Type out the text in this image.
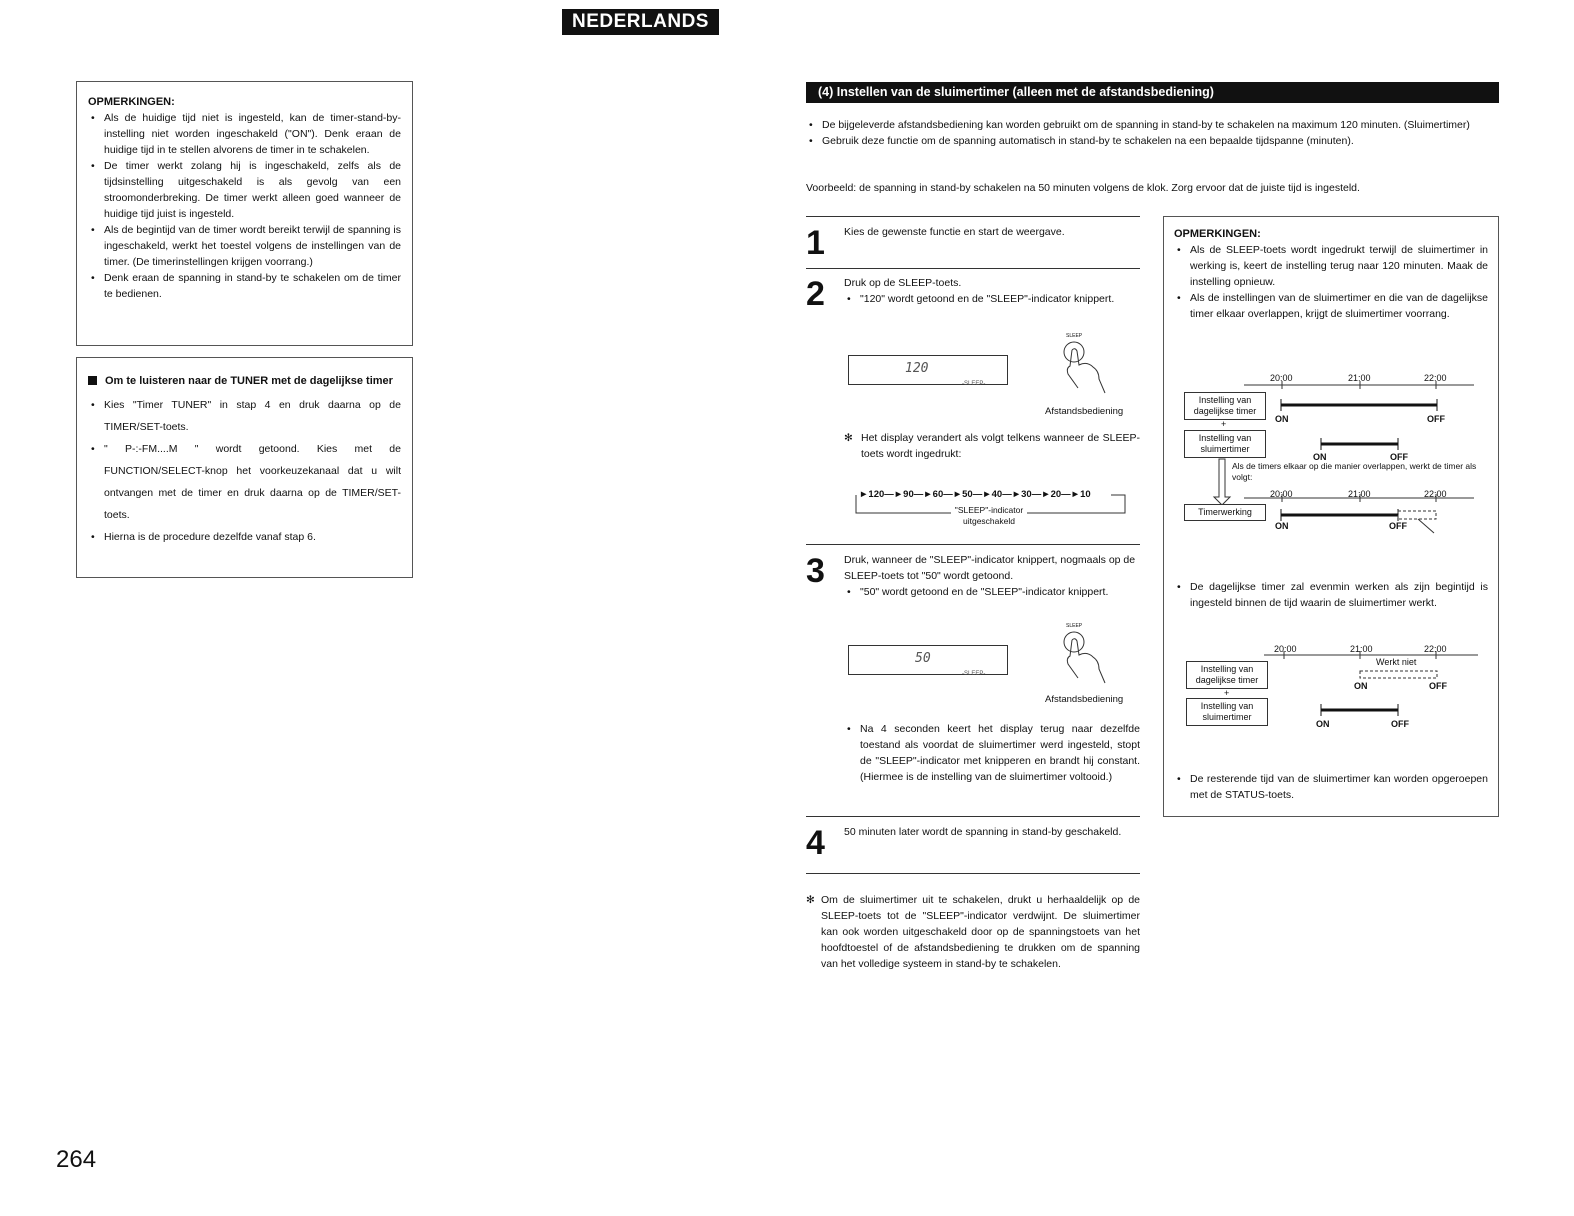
NEDERLANDS
OPMERKINGEN:
• Als de huidige tijd niet is ingesteld, kan de timer-stand-by-instelling niet worden ingeschakeld ("ON"). Denk eraan de huidige tijd in te stellen alvorens de timer in te schakelen.
• De timer werkt zolang hij is ingeschakeld, zelfs als de tijdsinstelling uitgeschakeld is als gevolg van een stroomonderbreking. De timer werkt alleen goed wanneer de huidige tijd juist is ingesteld.
• Als de begintijd van de timer wordt bereikt terwijl de spanning is ingeschakeld, werkt het toestel volgens de instellingen van de timer. (De timerinstellingen krijgen voorrang.)
• Denk eraan de spanning in stand-by te schakelen om de timer te bedienen.
Om te luisteren naar de TUNER met de dagelijkse timer
• Kies "Timer TUNER" in stap 4 en druk daarna op de TIMER/SET-toets.
• " P-:-FM....M " wordt getoond. Kies met de FUNCTION/SELECT-knop het voorkeuzekanaal dat u wilt ontvangen met de timer en druk daarna op de TIMER/SET-toets.
• Hierna is de procedure dezelfde vanaf stap 6.
264
(4) Instellen van de sluimertimer (alleen met de afstandsbediening)
• De bijgeleverde afstandsbediening kan worden gebruikt om de spanning in stand-by te schakelen na maximum 120 minuten. (Sluimertimer)
• Gebruik deze functie om de spanning automatisch in stand-by te schakelen na een bepaalde tijdspanne (minuten).
Voorbeeld: de spanning in stand-by schakelen na 50 minuten volgens de klok. Zorg ervoor dat de juiste tijd is ingesteld.
1 Kies de gewenste functie en start de weergave.
2 Druk op de SLEEP-toets.
• "120" wordt getoond en de "SLEEP"-indicator knippert.
120
-SLEEP-
SLEEP
Afstandsbediening
✻ Het display verandert als volgt telkens wanneer de SLEEP-toets wordt ingedrukt:
►120—►90—►60—►50—►40—►30—►20—►10
"SLEEP"-indicator uitgeschakeld
3 Druk, wanneer de "SLEEP"-indicator knippert, nogmaals op de SLEEP-toets tot "50" wordt getoond.
• "50" wordt getoond en de "SLEEP"-indicator knippert.
50
-SLEEP-
SLEEP
Afstandsbediening
• Na 4 seconden keert het display terug naar dezelfde toestand als voordat de sluimertimer werd ingesteld, stopt de "SLEEP"-indicator met knipperen en brandt hij constant. (Hiermee is de instelling van de sluimertimer voltooid.)
4 50 minuten later wordt de spanning in stand-by geschakeld.
✻ Om de sluimertimer uit te schakelen, drukt u herhaaldelijk op de SLEEP-toets tot de "SLEEP"-indicator verdwijnt. De sluimertimer kan ook worden uitgeschakeld door op de spanningstoets van het hoofdtoestel of de afstandsbediening te drukken om de spanning van het volledige systeem in stand-by te schakelen.
OPMERKINGEN:
• Als de SLEEP-toets wordt ingedrukt terwijl de sluimertimer in werking is, keert de instelling terug naar 120 minuten. Maak de instelling opnieuw.
• Als de instellingen van de sluimertimer en die van de dagelijkse timer elkaar overlappen, krijgt de sluimertimer voorrang.
20:00	21:00	22:00
Instelling van dagelijkse timer
ON	OFF
+
Instelling van sluimertimer
ON	OFF
Als de timers elkaar op die manier overlappen, werkt de timer als volgt:
Timerwerking
ON	OFF
20:00	21:00	22:00
• De dagelijkse timer zal evenmin werken als zijn begintijd is ingesteld binnen de tijd waarin de sluimertimer werkt.
20:00	21:00	22:00
Werkt niet
Instelling van dagelijkse timer
ON	OFF
+
Instelling van sluimertimer
ON	OFF
• De resterende tijd van de sluimertimer kan worden opgeroepen met de STATUS-toets.
